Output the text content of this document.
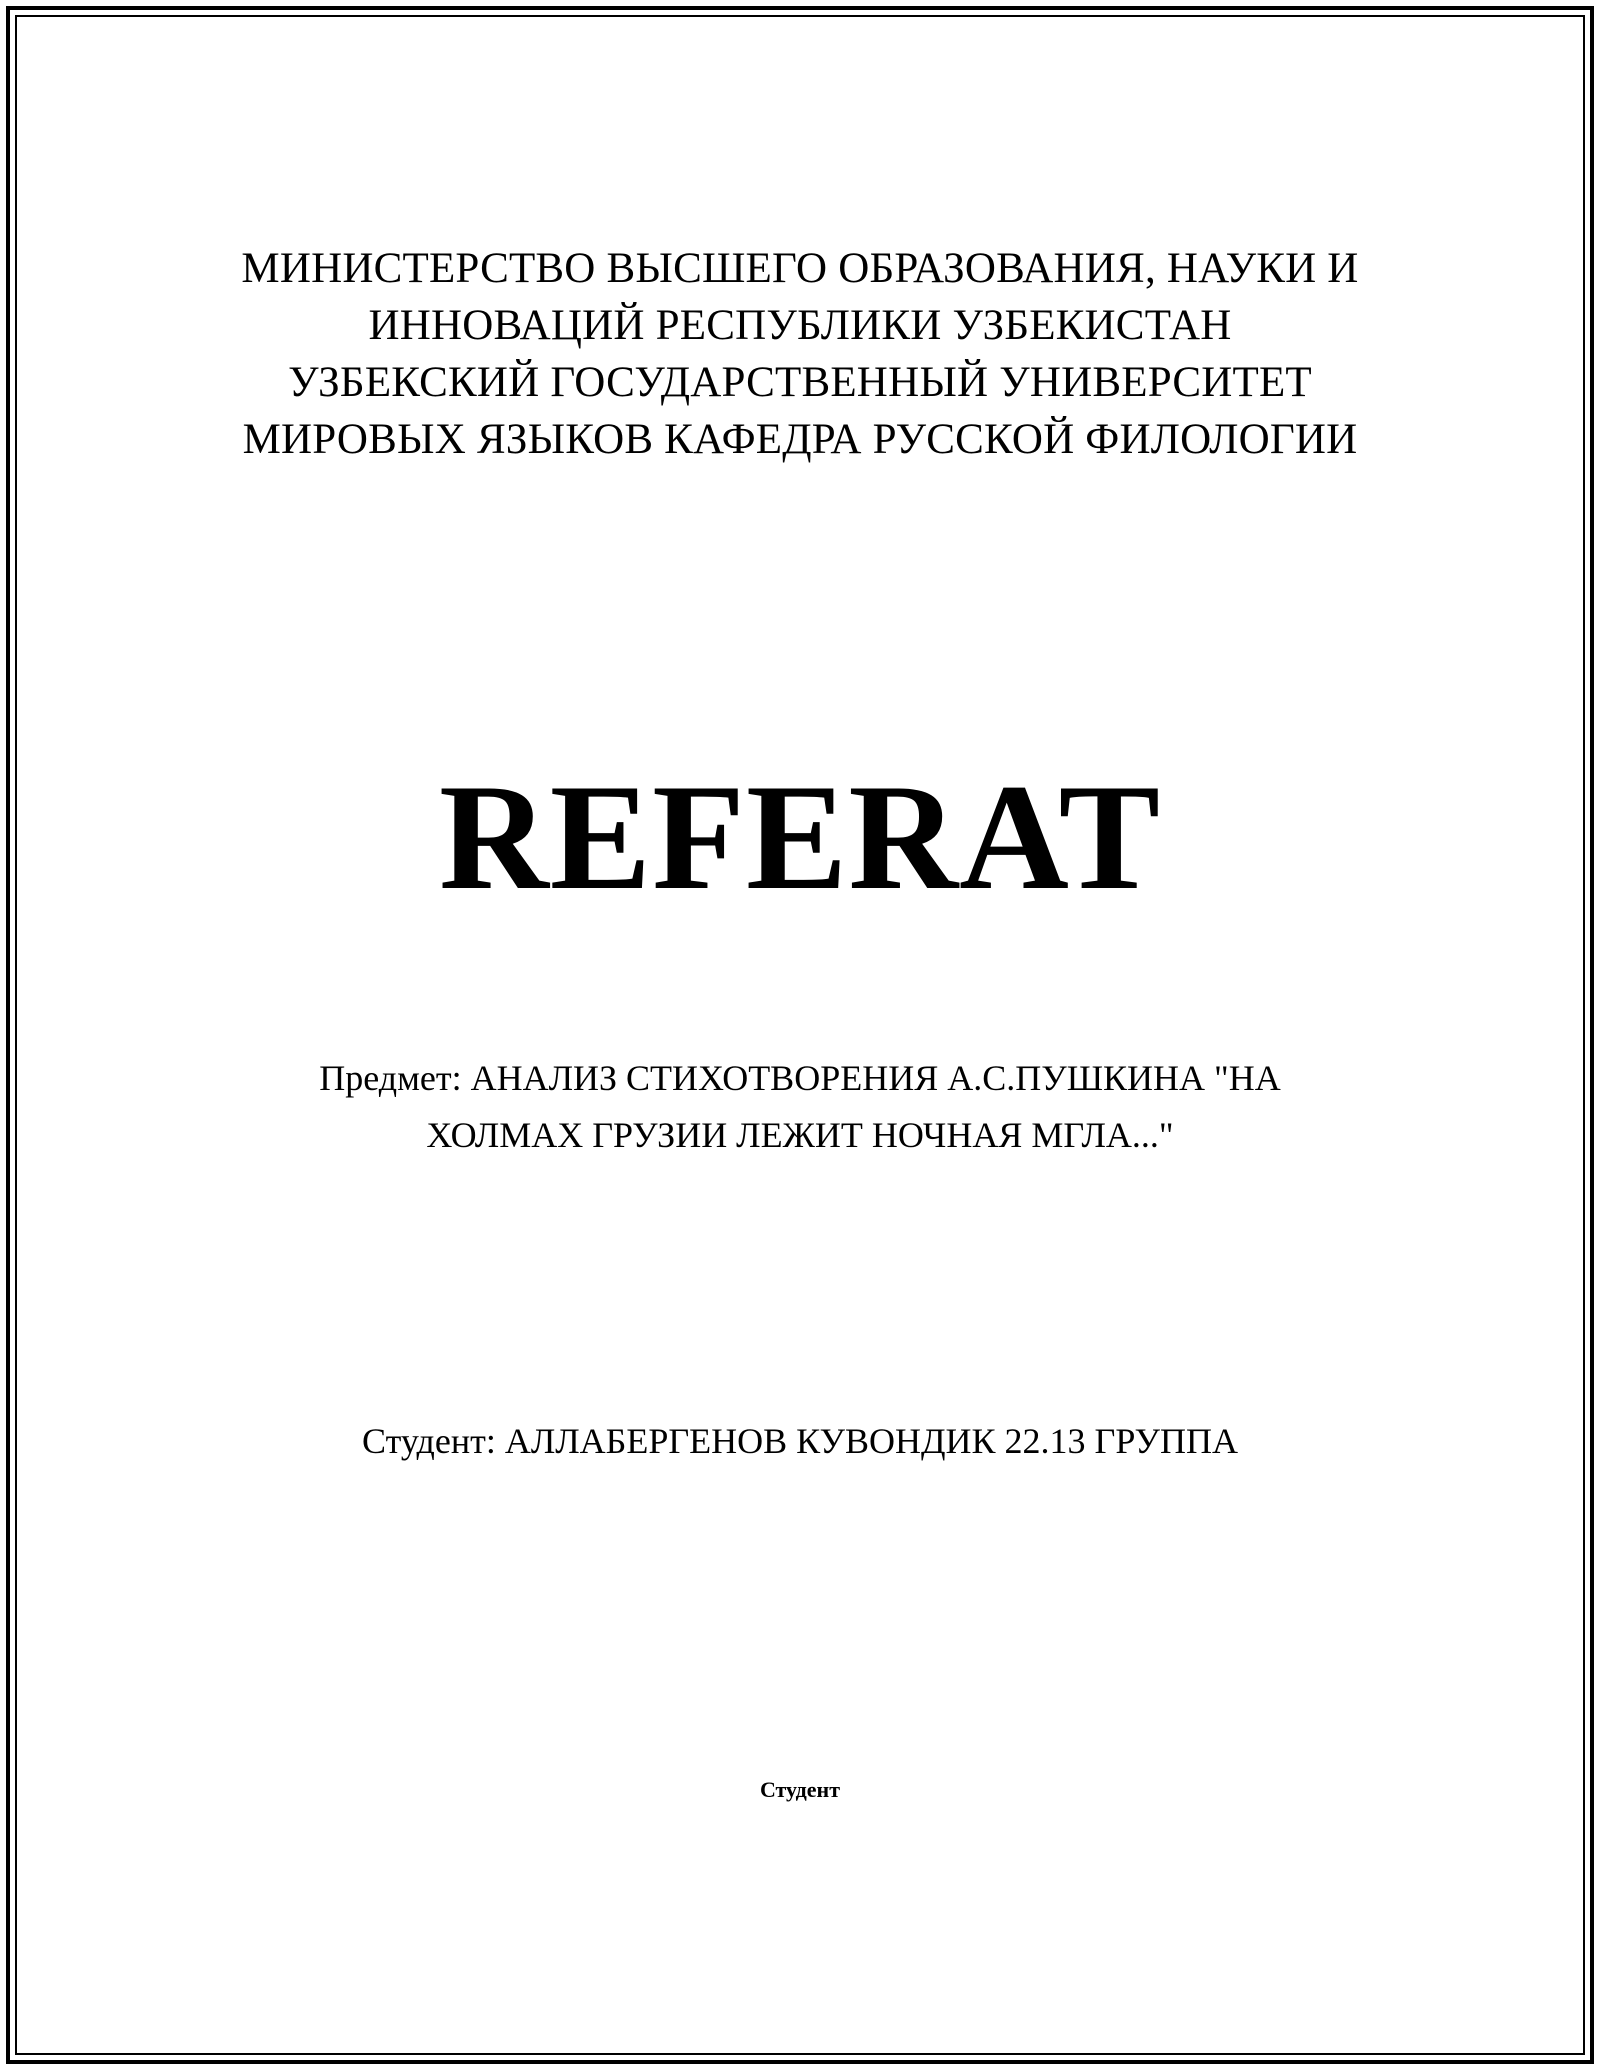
МИНИСТЕРСТВО ВЫСШЕГО ОБРАЗОВАНИЯ, НАУКИ И
ИННОВАЦИЙ РЕСПУБЛИКИ УЗБЕКИСТАН
УЗБЕКСКИЙ ГОСУДАРСТВЕННЫЙ УНИВЕРСИТЕТ
МИРОВЫХ ЯЗЫКОВ КАФЕДРА РУССКОЙ ФИЛОЛОГИИ
REFERAT
Предмет: АНАЛИЗ СТИХОТВОРЕНИЯ А.С.ПУШКИНА "НА
ХОЛМАХ ГРУЗИИ ЛЕЖИТ НОЧНАЯ МГЛА..."
Студент: АЛЛАБЕРГЕНОВ КУВОНДИК 22.13 ГРУППА
Студент
